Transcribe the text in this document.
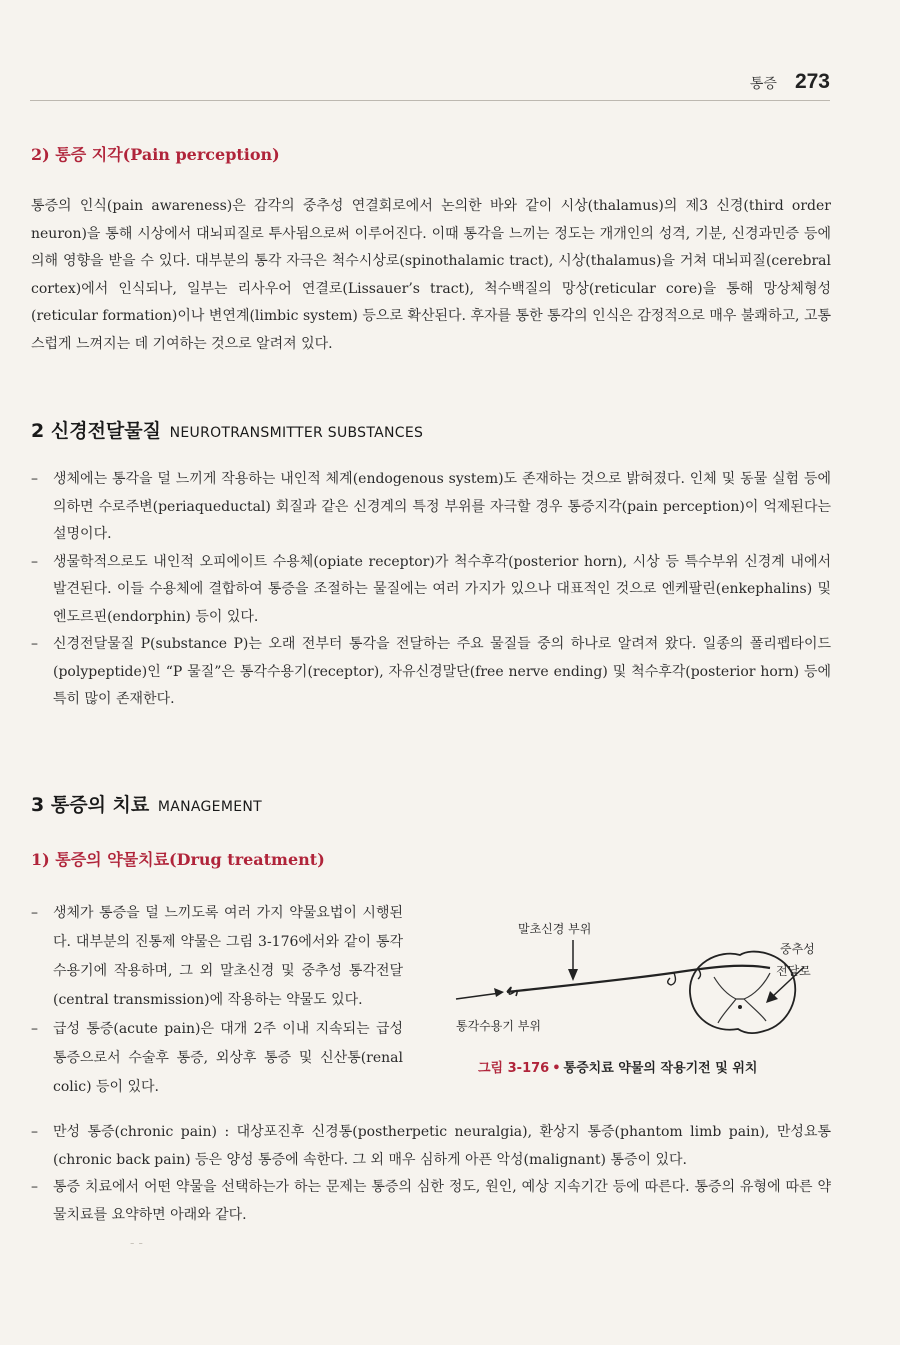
통증 273
2) 통증 지각(Pain perception)

통증의 인식(pain awareness)은 감각의 중추성 연결회로에서 논의한 바와 같이 시상(thalamus)의 제3 신경(third order neuron)을 통해 시상에서 대뇌피질로 투사됨으로써 이루어진다. 이때 통각을 느끼는 정도는 개개인의 성격, 기분, 신경과민증 등에 의해 영향을 받을 수 있다. 대부분의 통각 자극은 척수시상로(spinothalamic tract), 시상(thalamus)을 거쳐 대뇌피질(cerebral cortex)에서 인식되나, 일부는 리사우어 연결로(Lissauer’s tract), 척수백질의 망상(reticular core)을 통해 망상체형성(reticular formation)이나 변연계(limbic system) 등으로 확산된다. 후자를 통한 통각의 인식은 감정적으로 매우 불쾌하고, 고통스럽게 느껴지는 데 기여하는 것으로 알려져 있다.

2 신경전달물질 NEUROTRANSMITTER SUBSTANCES
– 생체에는 통각을 덜 느끼게 작용하는 내인적 체계(endogenous system)도 존재하는 것으로 밝혀졌다. 인체 및 동물 실험 등에 의하면 수로주변(periaqueductal) 회질과 같은 신경계의 특정 부위를 자극할 경우 통증지각(pain perception)이 억제된다는 설명이다.
– 생물학적으로도 내인적 오피에이트 수용체(opiate receptor)가 척수후각(posterior horn), 시상 등 특수부위 신경계 내에서 발견된다. 이들 수용체에 결합하여 통증을 조절하는 물질에는 여러 가지가 있으나 대표적인 것으로 엔케팔린(enkephalins) 및 엔도르핀(endorphin) 등이 있다.
– 신경전달물질 P(substance P)는 오래 전부터 통각을 전달하는 주요 물질들 중의 하나로 알려져 왔다. 일종의 폴리펩타이드(polypeptide)인 “P 물질”은 통각수용기(receptor), 자유신경말단(free nerve ending) 및 척수후각(posterior horn) 등에 특히 많이 존재한다.
3 통증의 치료 MANAGEMENT
1) 통증의 약물치료(Drug treatment)
– 생체가 통증을 덜 느끼도록 여러 가지 약물요법이 시행된다. 대부분의 진통제 약물은 그림 3-176에서와 같이 통각수용기에 작용하며, 그 외 말초신경 및 중추성 통각전달(central transmission)에 작용하는 약물도 있다.
– 급성 통증(acute pain)은 대개 2주 이내 지속되는 급성 통증으로서 수술후 통증, 외상후 통증 및 신산통(renal colic) 등이 있다.
– 만성 통증(chronic pain) : 대상포진후 신경통(postherpetic neuralgia), 환상지 통증(phantom limb pain), 만성요통(chronic back pain) 등은 양성 통증에 속한다. 그 외 매우 심하게 아픈 악성(malignant) 통증이 있다.
– 통증 치료에서 어떤 약물을 선택하는가 하는 문제는 통증의 심한 정도, 원인, 예상 지속기간 등에 따른다. 통증의 유형에 따른 약물치료를 요약하면 아래와 같다.
말초신경 부위
중추성
전달로
통각수용기 부위
그림 3-176 • 통증치료 약물의 작용기전 및 위치
‐ ‐
